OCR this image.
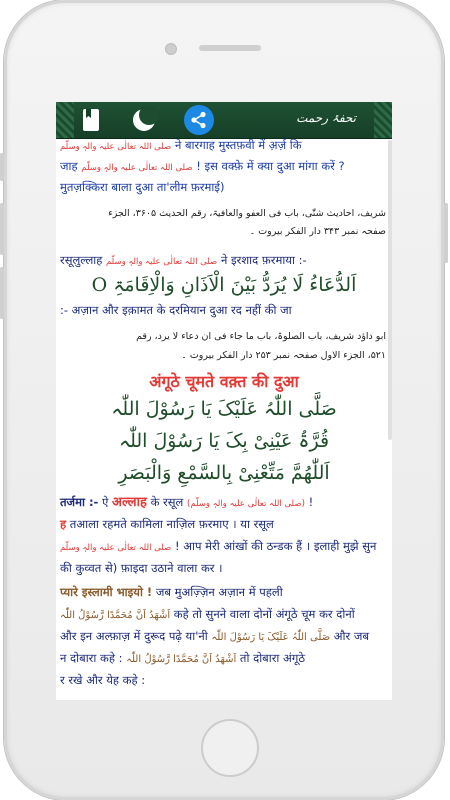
تحفۂ رحمت
صلی اللہ تعالٰی علیہ والہٖ وسلّم ने बारगाह मुस्तफ़वी में अ़र्ज़ कि
जाह صلی اللہ تعالٰی علیہ والہٖ وسلّم ! इस वक्फ़े में क्या दुआ मांगा करें ?
मुतज़क्किरा बाला दुआ ता'लीम फ़रमाई)
شریف، احادیث شتّٰی، باب فی العفو والعافیۃ، رقم الحدیث ۳۶۰۵، الجزء
صفحہ نمبر ۳۴۳ دار الفکر بیروت ۔
रसूलुल्लाह صلی اللہ تعالٰی علیہ والہٖ وسلّم ने इरशाद फ़रमाया :-
اَلدُّعَاءُ لَا یُرَدُّ بَیْنَ الْاَذَانِ وَالْاِقَامَۃِ O
:- अज़ान और इक़ामत के दरमियान दुआ रद नहीं की जा
ابو داؤد شریف، باب الصلوۃ، باب ما جاء فی ان دعاء لا یرد، رقم
۵۲۱، الجزء الاول صفحہ نمبر ۲۵۳ دار الفکر بیروت ۔
अंगूठे चूमते वक़्त की दुआ
صَلَّی اللّٰہُ عَلَیْکَ یَا رَسُوْلَ اللّٰہ
قُرَّۃُ عَیْنِیْ بِکَ یَا رَسُوْلَ اللّٰہ
اَللّٰھُمَّ مَتِّعْنِیْ بِالسَّمْعِ وَالْبَصَرِ
तर्जमा :- ऐ अल्लाह के रसूल (صلی اللہ تعالٰی علیہ والہٖ وسلّم) !
ह तआला रहमते कामिला नाज़िल फ़रमाए । या रसूल
صلی اللہ تعالٰی علیہ والہٖ وسلّم ! आप मेरी आंखों की ठन्डक हैं । इलाही मुझे सुन
की कुव्वत से) फ़ाइदा उठाने वाला कर ।
प्यारे इस्लामी भाइयो ! जब मुअज़्ज़िन अज़ान में पहली
اَشْھَدُ اَنَّ مُحَمَّدًا رَّسُوْلُ اللّٰہ कहे तो सुनने वाला दोनों अंगूठे चूम कर दोनों
और इन अल्फ़ाज़ में दुरूद पढ़े या'नी صَلَّی اللّٰہُ عَلَیْکَ یَا رَسُوْلَ اللّٰہ और जब
न दोबारा कहे : اَشْھَدُ اَنَّ مُحَمَّدًا رَّسُوْلُ اللّٰہ तो दोबारा अंगूठे
र रखे और येह कहे :
